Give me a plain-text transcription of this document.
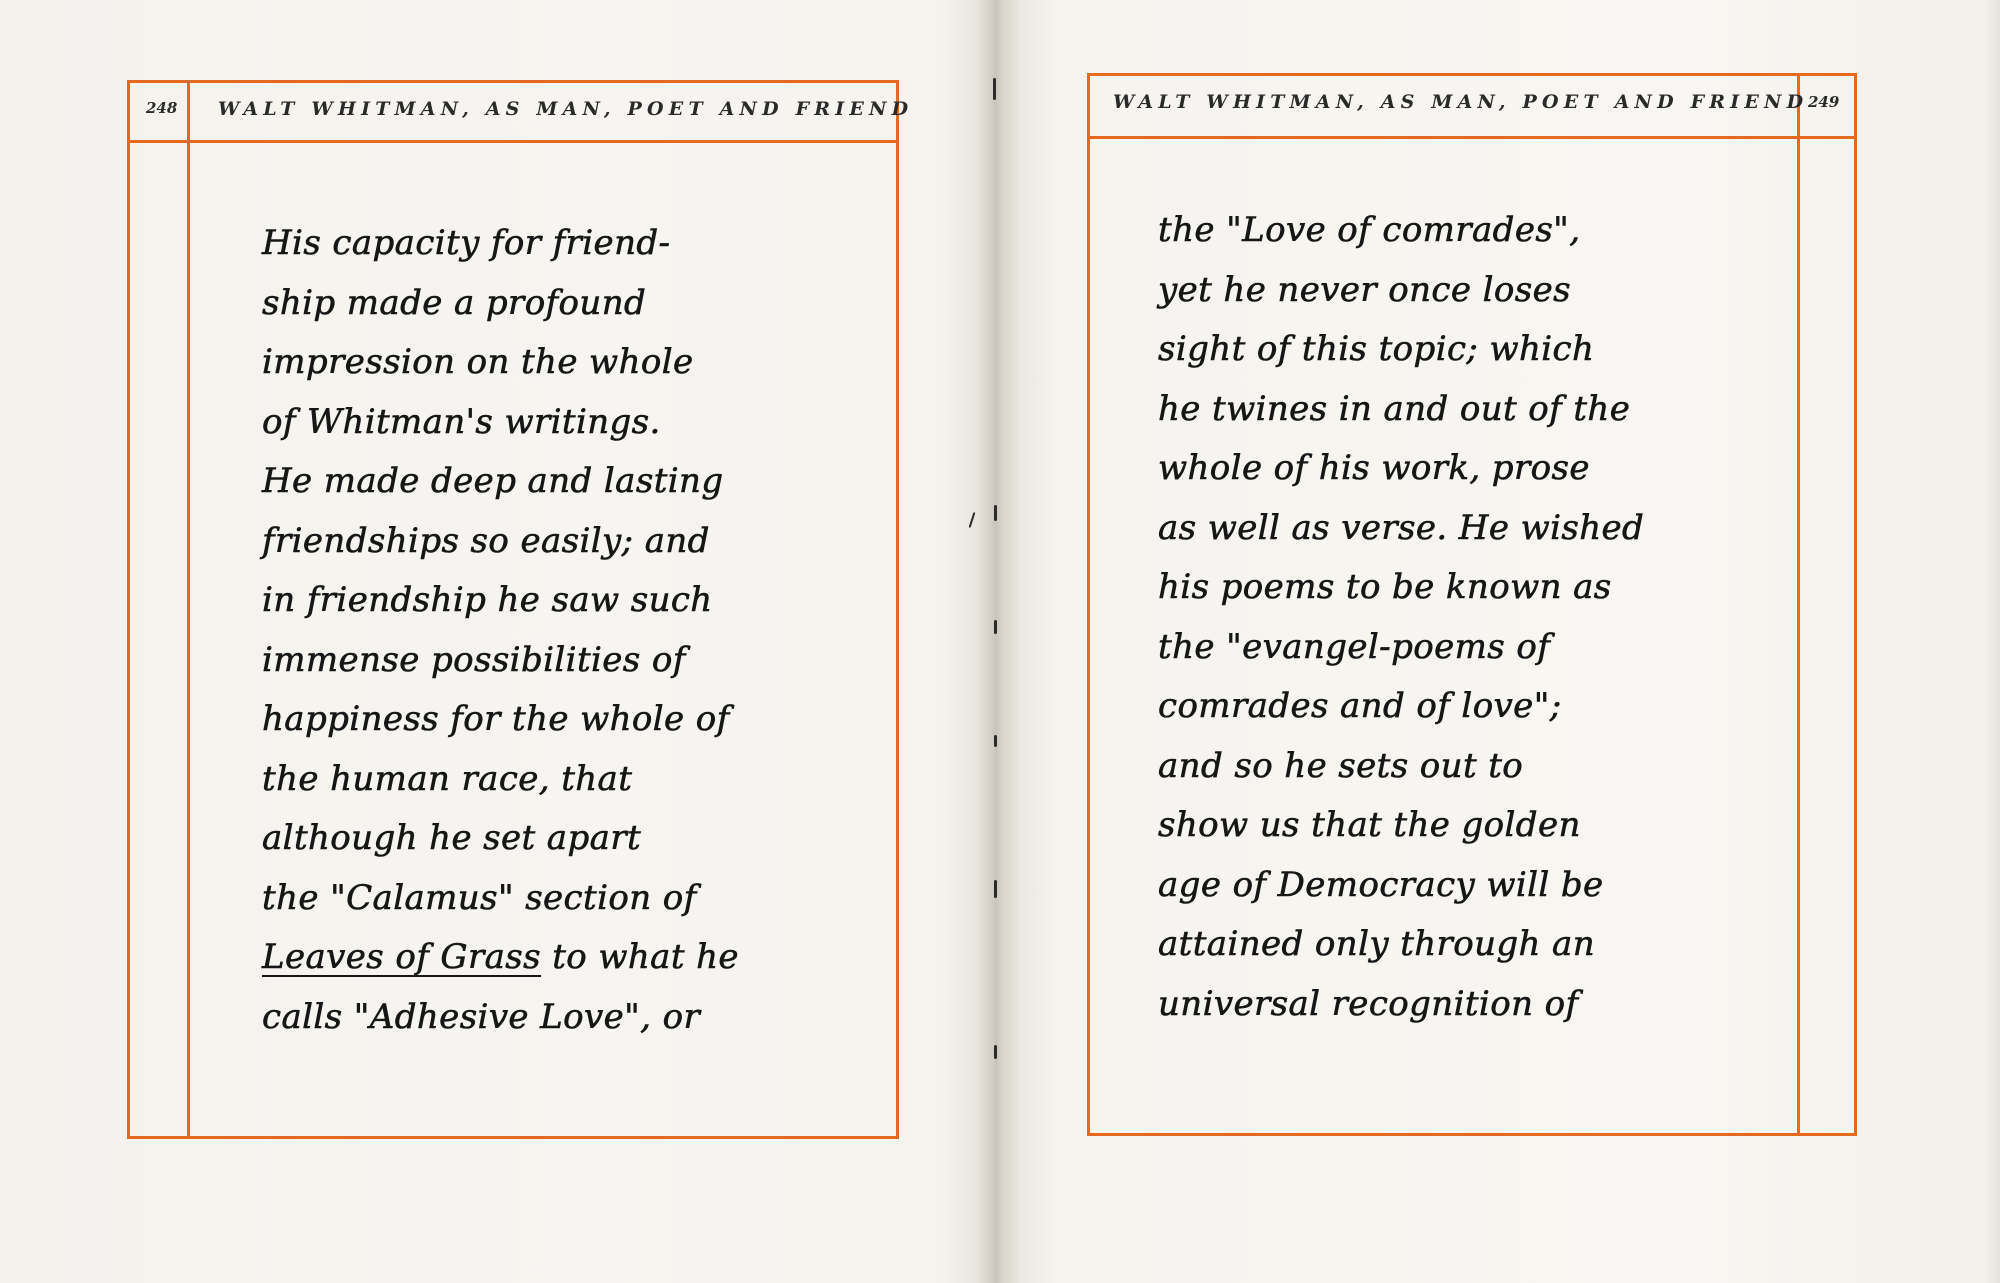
248 WALT WHITMAN, AS MAN, POET AND FRIEND
His capacity for friend-
ship made a profound
impression on the whole
of Whitman's writings.
He made deep and lasting
friendships so easily; and
in friendship he saw such
immense possibilities of
happiness for the whole of
the human race, that
although he set apart
the "Calamus" section of
Leaves of Grass to what he
calls "Adhesive Love", or
WALT WHITMAN, AS MAN, POET AND FRIEND 249
the "Love of comrades",
yet he never once loses
sight of this topic; which
he twines in and out of the
whole of his work, prose
as well as verse. He wished
his poems to be known as
the "evangel-poems of
comrades and of love";
and so he sets out to
show us that the golden
age of Democracy will be
attained only through an
universal recognition of
